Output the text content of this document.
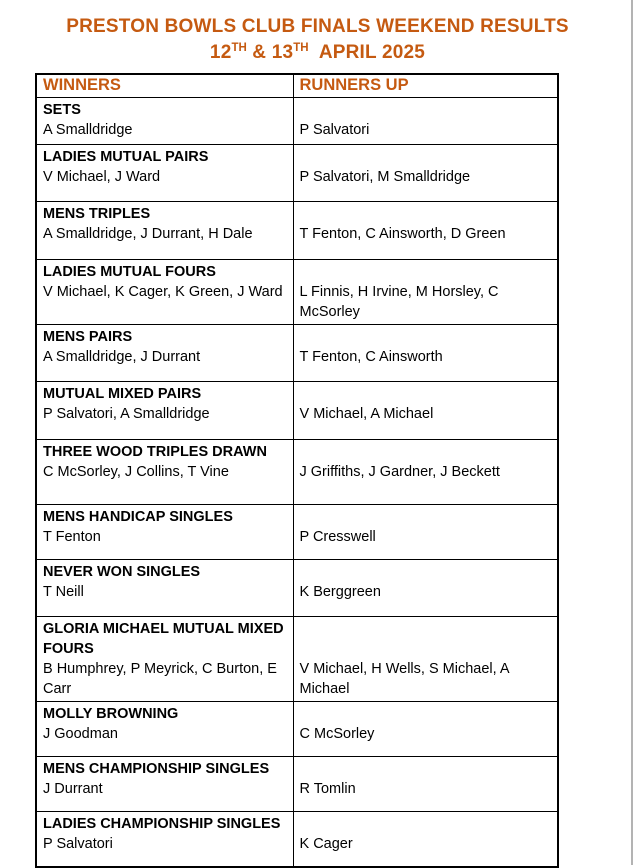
PRESTON BOWLS CLUB FINALS WEEKEND RESULTS
12TH & 13TH  APRIL 2025
WINNERS	RUNNERS UP

SETS
A Smalldridge	P Salvatori

LADIES MUTUAL PAIRS
V Michael, J Ward	P Salvatori, M Smalldridge

MENS TRIPLES
A Smalldridge, J Durrant, H Dale	T Fenton, C Ainsworth, D Green

LADIES MUTUAL FOURS
V Michael, K Cager, K Green, J Ward	L Finnis, H Irvine, M Horsley, C McSorley

MENS PAIRS
A Smalldridge, J Durrant	T Fenton, C Ainsworth

MUTUAL MIXED PAIRS
P Salvatori, A Smalldridge	V Michael, A Michael

THREE WOOD TRIPLES DRAWN
C McSorley, J Collins, T Vine	J Griffiths, J Gardner, J Beckett

MENS HANDICAP SINGLES
T Fenton	P Cresswell

NEVER WON SINGLES
T Neill	K Berggreen

GLORIA MICHAEL MUTUAL MIXED FOURS
B Humphrey, P Meyrick, C Burton, E Carr	V Michael, H Wells, S Michael, A Michael

MOLLY BROWNING
J Goodman	C McSorley

MENS CHAMPIONSHIP SINGLES
J Durrant	R Tomlin

LADIES CHAMPIONSHIP SINGLES
P Salvatori	K Cager
